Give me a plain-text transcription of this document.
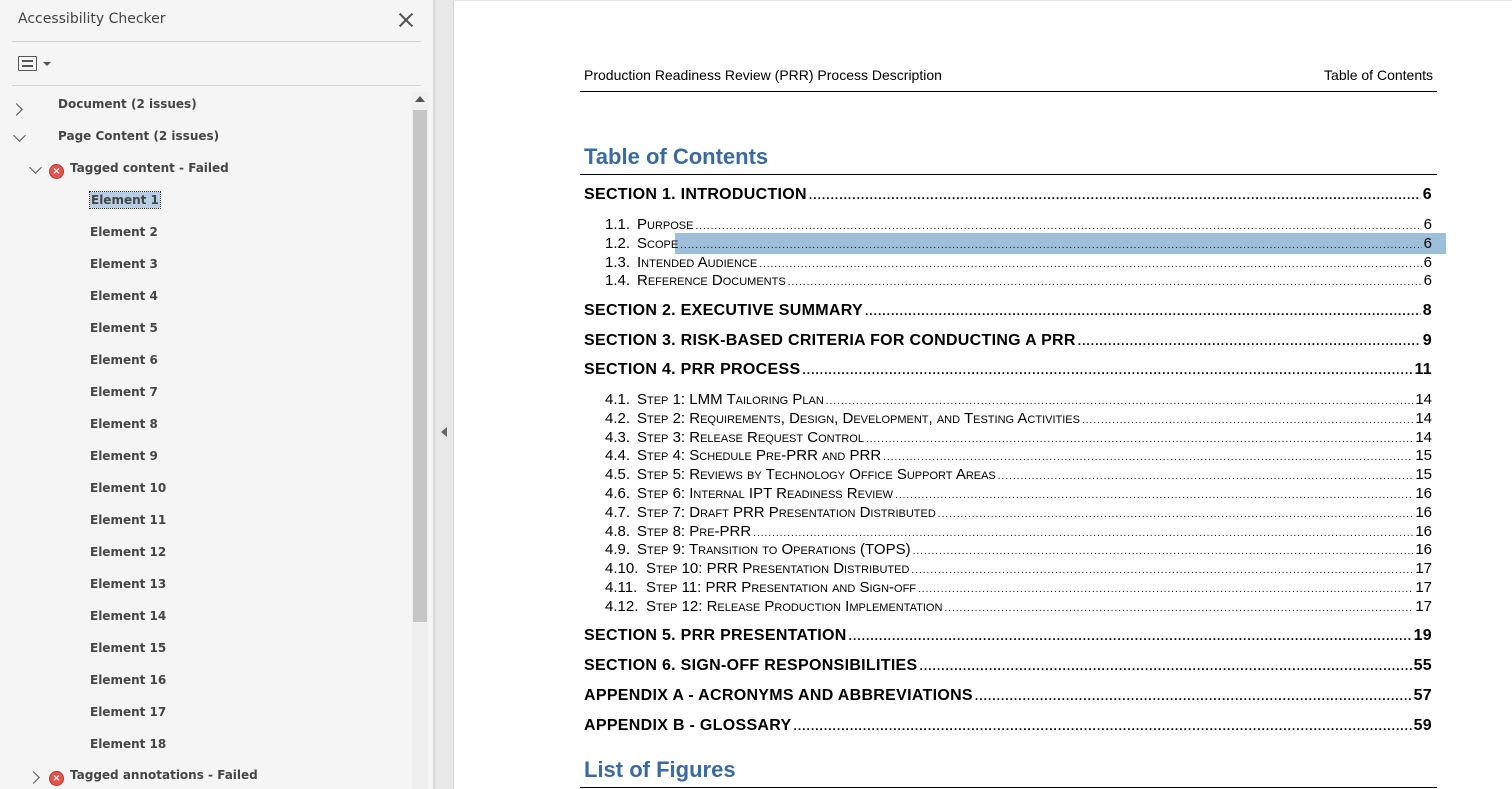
Accessibility Checker
Document (2 issues)
Page Content (2 issues)
× Tagged content - Failed
Element 1
Element 2
Element 3
Element 4
Element 5
Element 6
Element 7
Element 8
Element 9
Element 10
Element 11
Element 12
Element 13
Element 14
Element 15
Element 16
Element 17
Element 18
× Tagged annotations - Failed
Production Readiness Review (PRR) Process Description	Table of Contents
Table of Contents
SECTION 1. INTRODUCTION .....	6
1.1. Purpose .....	6
1.2. Scope .....	6
1.3. Intended Audience .....	6
1.4. Reference Documents .....	6
SECTION 2. EXECUTIVE SUMMARY .....	8
SECTION 3. RISK-BASED CRITERIA FOR CONDUCTING A PRR .....	9
SECTION 4. PRR PROCESS .....	11
4.1. Step 1: LMM Tailoring Plan .....	14
4.2. Step 2: Requirements, Design, Development, and Testing Activities .....	14
4.3. Step 3: Release Request Control .....	14
4.4. Step 4: Schedule Pre-PRR and PRR .....	15
4.5. Step 5: Reviews by Technology Office Support Areas .....	15
4.6. Step 6: Internal IPT Readiness Review .....	16
4.7. Step 7: Draft PRR Presentation Distributed .....	16
4.8. Step 8: Pre-PRR .....	16
4.9. Step 9: Transition to Operations (TOPS) .....	16
4.10. Step 10: PRR Presentation Distributed .....	17
4.11. Step 11: PRR Presentation and Sign-off .....	17
4.12. Step 12: Release Production Implementation .....	17
SECTION 5. PRR PRESENTATION .....	19
SECTION 6. SIGN-OFF RESPONSIBILITIES .....	55
APPENDIX A - ACRONYMS AND ABBREVIATIONS .....	57
APPENDIX B - GLOSSARY .....	59
List of Figures
